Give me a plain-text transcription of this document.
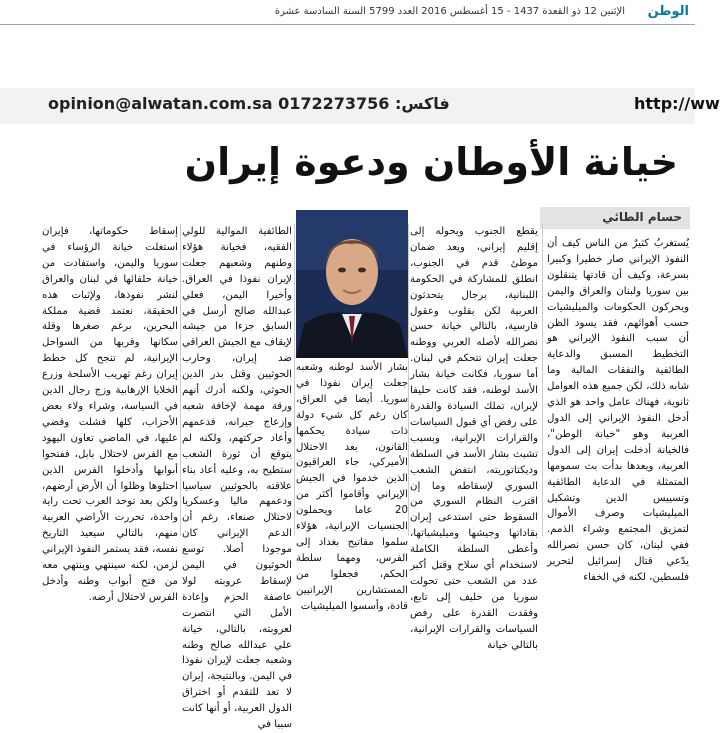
الوطن
الإثنين 12 ذو القعدة 1437 - 15 أغسطس 2016 العدد 5799 السنة السادسة عشرة
opinion@alwatan.com.sa فاكس: 0172273756	http://ww
خيانة الأوطان ودعوة إيران
حسام الطائي
يُستغربُ كثيرٌ من الناس كيف أن النفوذ الإيراني صار خطيرا وكبيرا بسرعة، وكيف أن قادتها يتنقلون بين سوريا ولبنان والعراق واليمن ويحركون الحكومات والميليشيات حسب أهوائهم، فقد يسود الظن أن سبب النفوذ الإيراني هو التخطيط المسبق والدعاية الطائفية والنفقات المالية وما شابه ذلك، لكن جميع هذه العوامل ثانوية، فهناك عامل واحد هو الذي أدخل النفوذ الإيراني إلى الدول العربية وهو "خيانة الوطن"، فالخيانة أدخلت إيران إلى الدول العربية، ويعدها بدأت بث سمومها المتمثلة في الدعاية الطائفية وتسييس الدين وتشكيل الميليشيات وصرف الأموال لتمزيق المجتمع وشراء الذمم. ففي لبنان، كان حسن نصرالله يدّعي قتال إسرائيل لتحرير فلسطين، لكنه في الخفاء
يقطع الجنوب ويحوله إلى إقليم إيراني، ويعد ضمان موطئ قدم في الجنوب، انطلق للمشاركة في الحكومة اللبنانية، برجال يتحدثون العربية لكن بقلوب وعقول فارسية، بالتالي خيانة حسن نصرالله لأصله العربي ووطنه جعلت إيران تتحكم في لبنان. أما سوريا، فكانت خيانة بشار الأسد لوطنه، فقد كانت حليفا لإيران، تملك السيادة والقدرة على رفض أي قبول السياسات والقرارات الإيرانية، وبسبب تشبث بشار الأسد في السلطة وديكتاتوريته، انتفض الشعب السوري لإسقاطه وما إن اقترب النظام السوري من السقوط حتى استدعى إيران بقاداتها وجيشها وميليشياتها، وأعطى السلطة الكاملة لاستخدام أي سلاح وقتل أكبر عدد من الشعب حتى تحولت سوريا من حليف إلى تابع، وفقدت القدرة على رفض السياسات والقرارات الإيرانية، بالتالي خيانة
بشار الأسد لوطنه وشعبه جعلت إيران نفوذا في سوريا. أيضا في العراق، كان رغم كل شيء دولة ذات سيادة يحكمها القانون، بعد الاحتلال الأميركي، جاء العراقيون الذين خدموا في الجيش الإيراني وأقاموا أكثر من 20 عاما ويحملون الجنسيات الإيرانية، هؤلاء سلموا مفاتيح بغداد إلى الفرس، ومهما سلطة الحكم، فجعلوا من المستشارين الإيرانيين قادة، وأسسوا الميليشيات
الطائفية الموالية للولي الفقيه، فخيانة هؤلاء وطنهم وشعبهم جعلت لإيران نفوذا في العراق. وأخيرا اليمن، فعلي عبدالله صالح أرسل في السابق جزءا من جيشه لإيقاف مع الجيش العراقي ضد إيران، وحارب الحوثيين وقتل بدر الدين الحوثي، ولكنه أدرك أنهم ورقة مهمة لإخافة شعبه وإزعاج جيرانه، فدعمهم وأعاد حركتهم، ولكنه لم يتوقع أن ثورة الشعب ستطيح به، وعليه أعاد بناء علاقته بالحوثيين سياسيا ودعمهم ماليا وعسكريا لاحتلال صنعاء، رغم أن الدعم الإيراني كان موجودا أصلا. توسع الحوثيون في اليمن لإسقاط عروبته لولا عاصفة الحزم وإعادة الأمل التي انتصرت لعروبته، بالتالي، خيانة علي عبدالله صالح وطنه وشعبه جعلت لإيران نفوذا في اليمن. وبالنتيجة، إيران لا تعد للتقدم أو اختراق الدول العربية، أو أنها كانت سببا في
إسقاط حكوماتها، فإيران استغلت خيانة الرؤساء في سوريا واليمن، واستفادت من خيانة حلفائها في لبنان والعراق لنشر نفوذها، ولإثبات هذه الحقيقة، نعتمد قضية مملكة البحرين، برغم صغرها وقلة سكانها وقربها من السواحل الإيرانية، لم تنجح كل خطط إيران رغم تهريب الأسلحة وزرع الخلايا الإرهابية وزج رجال الدين في السياسة، وشراء ولاء بعض الأحزاب، كلها فشلت وقضي عليها، في الماضي تعاون اليهود مع الفرس لاحتلال بابل، ففتحوا أبوابها وأدخلوا الفرس الذين احتلوها وظلوا أن الأرض أرضهم، ولكن بعد توحد العرب تحت راية واحدة، تحررت الأراضي العربية منهم، بالتالي سيعيد التاريخ نفسه، فقد يستمر النفوذ الإيراني لزمن، لكنه سينتهي وينتهي معه من فتح أبواب وطنه وأدخل الفرس لاحتلال أرضه.
